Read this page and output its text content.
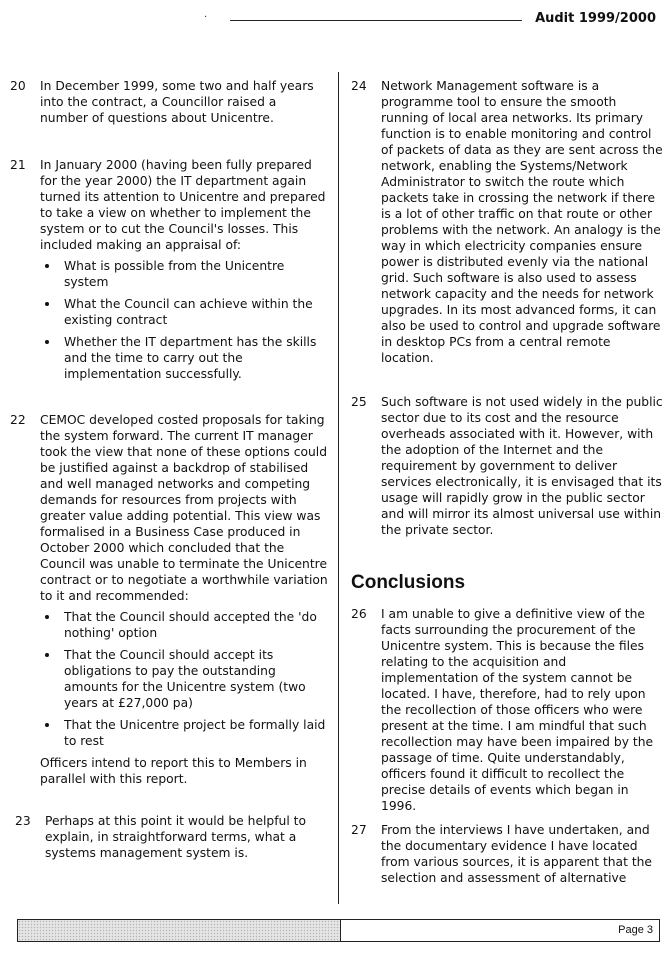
·	Audit 1999/2000
20	In December 1999, some two and half years into the contract, a Councillor raised a number of questions about Unicentre.

21	In January 2000 (having been fully prepared for the year 2000) the IT department again turned its attention to Unicentre and prepared to take a view on whether to implement the system or to cut the Council's losses. This included making an appraisal of:

What is possible from the Unicentre system
What the Council can achieve within the existing contract
Whether the IT department has the skills and the time to carry out the implementation successfully.
22	CEMOC developed costed proposals for taking the system forward. The current IT manager took the view that none of these options could be justified against a backdrop of stabilised and well managed networks and competing demands for resources from projects with greater value adding potential. This view was formalised in a Business Case produced in October 2000 which concluded that the Council was unable to terminate the Unicentre contract or to negotiate a worthwhile variation to it and recommended:

That the Council should accepted the 'do nothing' option
That the Council should accept its obligations to pay the outstanding amounts for the Unicentre system (two years at £27,000 pa)
That the Unicentre project be formally laid to rest

Officers intend to report this to Members in parallel with this report.

23	Perhaps at this point it would be helpful to explain, in straightforward terms, what a systems management system is.

24	Network Management software is a programme tool to ensure the smooth running of local area networks. Its primary function is to enable monitoring and control of packets of data as they are sent across the network, enabling the Systems/Network Administrator to switch the route which packets take in crossing the network if there is a lot of other traffic on that route or other problems with the network. An analogy is the way in which electricity companies ensure power is distributed evenly via the national grid. Such software is also used to assess network capacity and the needs for network upgrades. In its most advanced forms, it can also be used to control and upgrade software in desktop PCs from a central remote location.

25	Such software is not used widely in the public sector due to its cost and the resource overheads associated with it. However, with the adoption of the Internet and the requirement by government to deliver services electronically, it is envisaged that its usage will rapidly grow in the public sector and will mirror its almost universal use within the private sector.

Conclusions
26	I am unable to give a definitive view of the facts surrounding the procurement of the Unicentre system. This is because the files relating to the acquisition and implementation of the system cannot be located. I have, therefore, had to rely upon the recollection of those officers who were present at the time. I am mindful that such recollection may have been impaired by the passage of time. Quite understandably, officers found it difficult to recollect the precise details of events which began in 1996.

27	From the interviews I have undertaken, and the documentary evidence I have located from various sources, it is apparent that the selection and assessment of alternative

Page 3
